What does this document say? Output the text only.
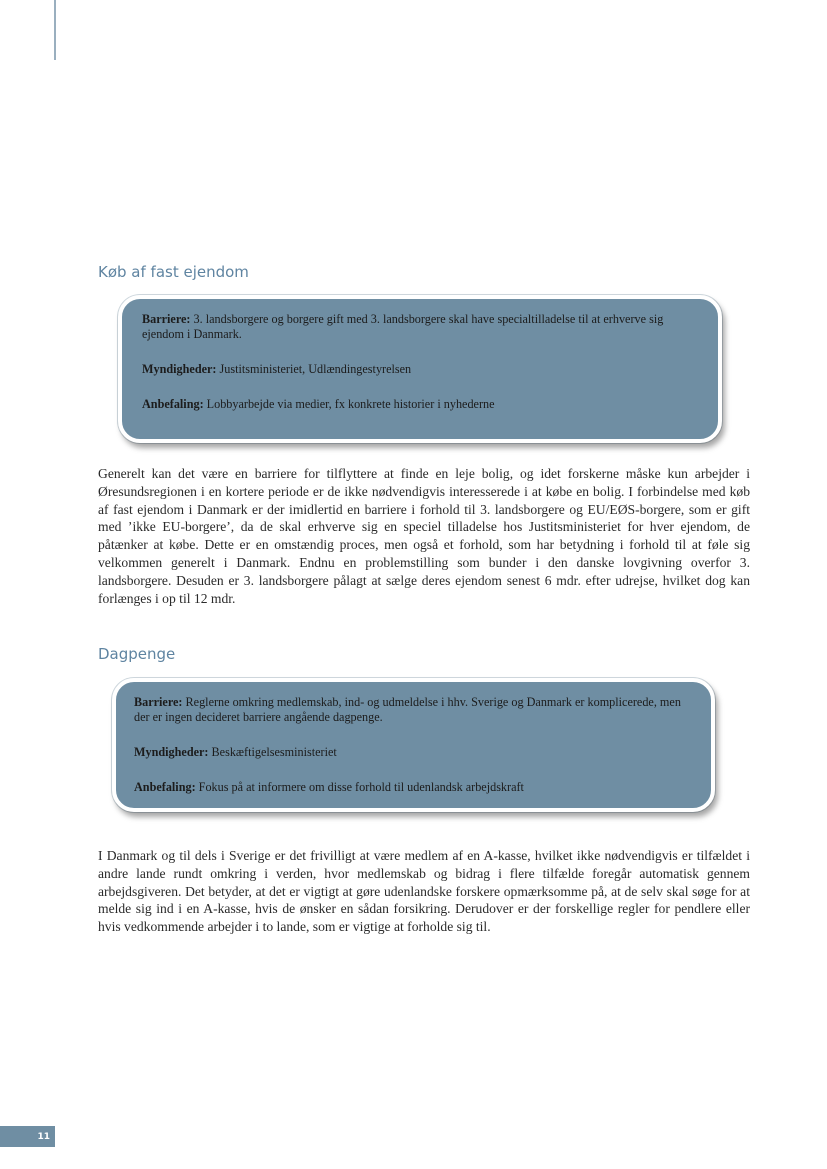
Køb af fast ejendom

Barriere: 3. landsborgere og borgere gift med 3. landsborgere skal have specialtilladelse til at erhverve sig ejendom i Danmark.

Myndigheder: Justitsministeriet, Udlændingestyrelsen

Anbefaling: Lobbyarbejde via medier, fx konkrete historier i nyhederne

Generelt kan det være en barriere for tilflyttere at finde en leje bolig, og idet forskerne måske kun arbejder i Øresundsregionen i en kortere periode er de ikke nødvendigvis interesserede i at købe en bolig. I forbindelse med køb af fast ejendom i Danmark er der imidlertid en barriere i forhold til 3. landsborgere og EU/EØS-borgere, som er gift med ’ikke EU-borgere’, da de skal erhverve sig en speciel tilladelse hos Justitsministeriet for hver ejendom, de påtænker at købe. Dette er en omstændig proces, men også et forhold, som har betydning i forhold til at føle sig velkommen generelt i Danmark. Endnu en problemstilling som bunder i den danske lovgivning overfor 3. landsborgere. Desuden er 3. landsborgere pålagt at sælge deres ejendom senest 6 mdr. efter udrejse, hvilket dog kan forlænges i op til 12 mdr.

Dagpenge

Barriere: Reglerne omkring medlemskab, ind- og udmeldelse i hhv. Sverige og Danmark er komplicerede, men der er ingen decideret barriere angående dagpenge.

Myndigheder: Beskæftigelsesministeriet

Anbefaling: Fokus på at informere om disse forhold til udenlandsk arbejdskraft

I Danmark og til dels i Sverige er det frivilligt at være medlem af en A-kasse, hvilket ikke nødvendigvis er tilfældet i andre lande rundt omkring i verden, hvor medlemskab og bidrag i flere tilfælde foregår automatisk gennem arbejdsgiveren. Det betyder, at det er vigtigt at gøre udenlandske forskere opmærksomme på, at de selv skal søge for at melde sig ind i en A-kasse, hvis de ønsker en sådan forsikring. Derudover er der forskellige regler for pendlere eller hvis vedkommende arbejder i to lande, som er vigtige at forholde sig til.

11
